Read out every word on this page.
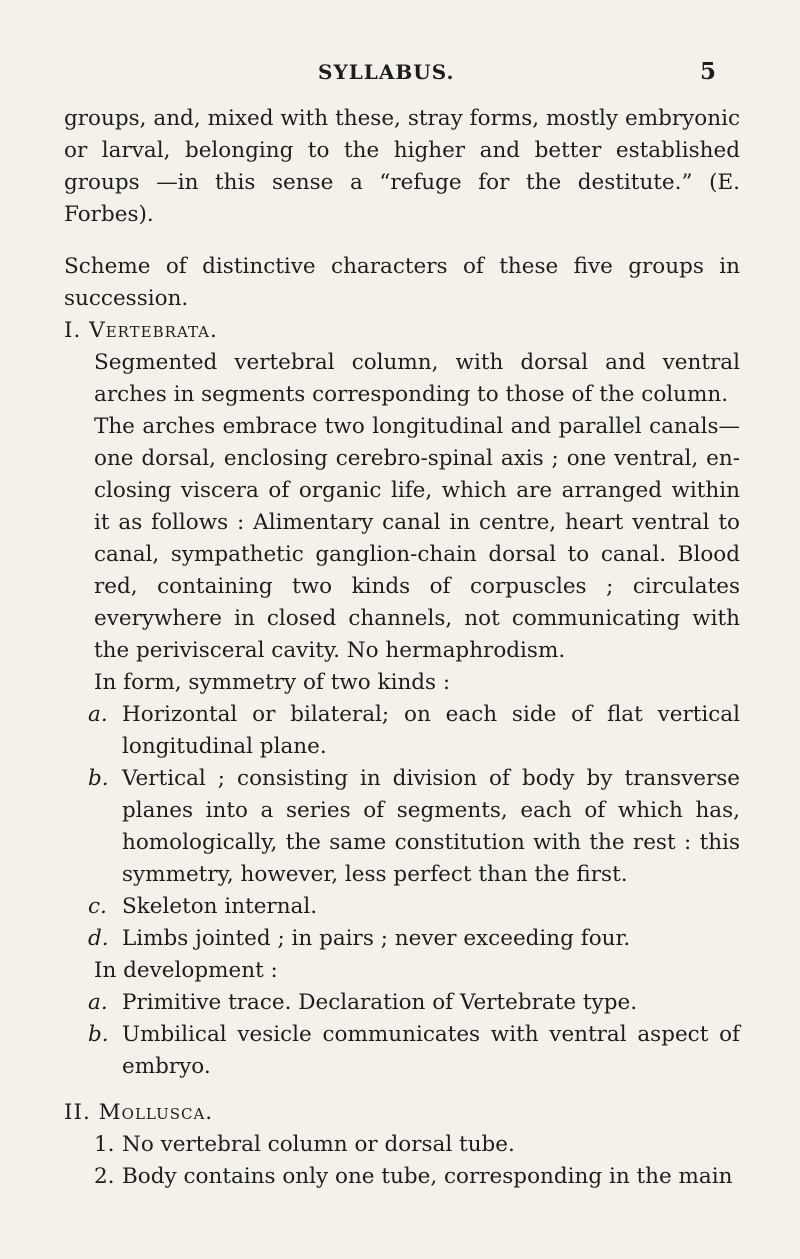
SYLLABUS.	5

groups, and, mixed with these, stray forms, mostly embryonic or larval, belonging to the higher and better established groups —in this sense a “refuge for the destitute.” (E. Forbes).

Scheme of distinctive characters of these five groups in succession.

I. Vertebrata.

Segmented vertebral column, with dorsal and ventral arches in segments corresponding to those of the column.

The arches embrace two longitudinal and parallel canals— one dorsal, enclosing cerebro-spinal axis ; one ventral, en- closing viscera of organic life, which are arranged within it as follows : Alimentary canal in centre, heart ventral to canal, sympathetic ganglion-chain dorsal to canal. Blood red, containing two kinds of corpuscles ; circulates everywhere in closed channels, not communicating with the perivisceral cavity. No hermaphrodism.

In form, symmetry of two kinds :

a. Horizontal or bilateral; on each side of flat vertical longitudinal plane.
b. Vertical ; consisting in division of body by transverse planes into a series of segments, each of which has, homologically, the same constitution with the rest : this symmetry, however, less perfect than the first.
c. Skeleton internal.
d. Limbs jointed ; in pairs ; never exceeding four.

In development :

a. Primitive trace. Declaration of Vertebrate type.
b. Umbilical vesicle communicates with ventral aspect of embryo.

II. Mollusca.

1. No vertebral column or dorsal tube.
2. Body contains only one tube, corresponding in the main
